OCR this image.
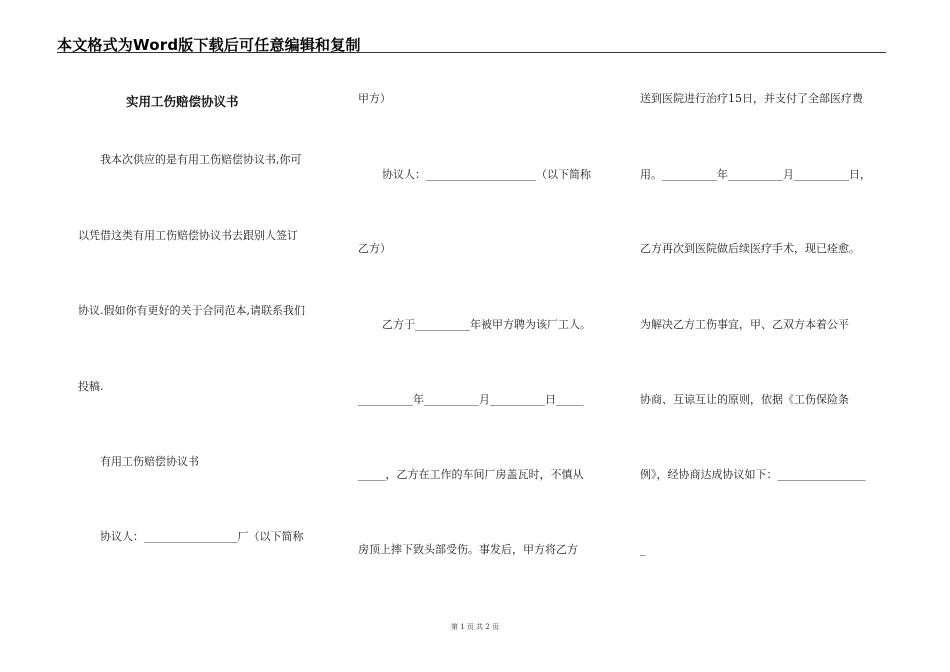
本文格式为Word版下载后可任意编辑和复制
实用工伤赔偿协议书
我本次供应的是有用工伤赔偿协议书,你可
以凭借这类有用工伤赔偿协议书去跟别人签订
协议.假如你有更好的关于合同范本,请联系我们
投稿.
有用工伤赔偿协议书
协议人：_________________厂（以下简称
甲方）
协议人：____________________（以下简称
乙方）
乙方于__________年被甲方聘为该厂工人。
__________年__________月__________日_____
_____，乙方在工作的车间厂房盖瓦时，不慎从
房顶上摔下致头部受伤。事发后，甲方将乙方
送到医院进行治疗15日，并支付了全部医疗费
用。__________年__________月__________日，
乙方再次到医院做后续医疗手术，现已痊愈。
为解决乙方工伤事宜，甲、乙双方本着公平
协商、互谅互让的原则，依据《工伤保险条
例》，经协商达成协议如下：________________
_
第 1 页 共 2 页
